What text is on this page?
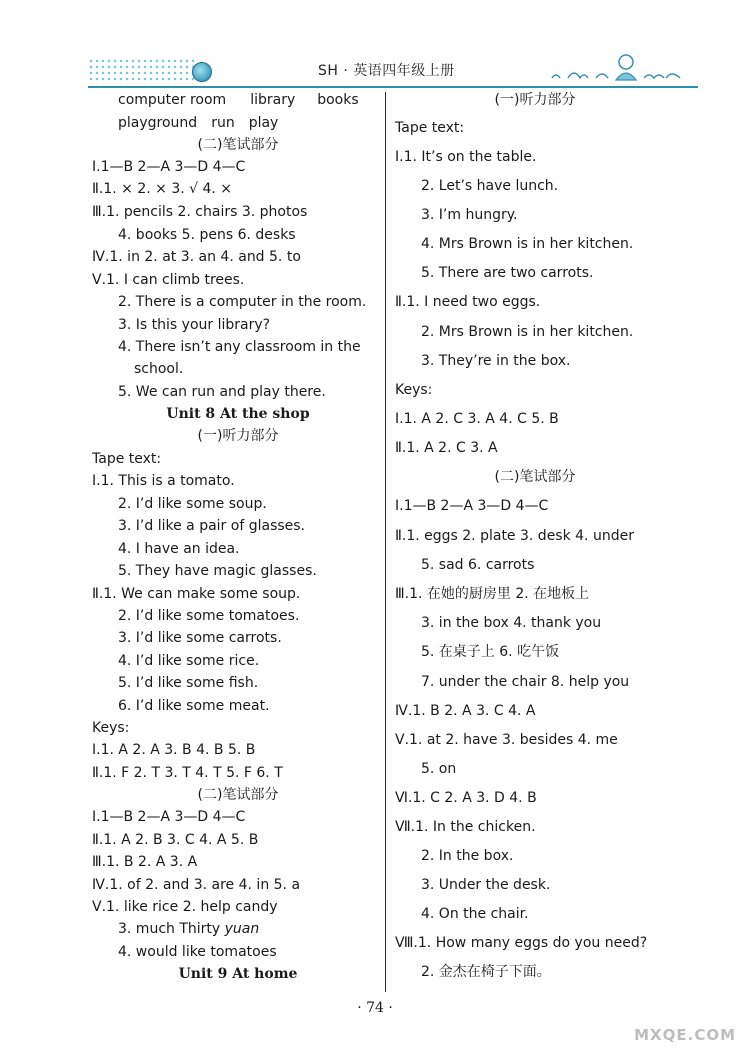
SH · 英语四年级上册
computer room library books
playground run play
(二)笔试部分
Ⅰ.1—B 2—A 3—D 4—C
Ⅱ.1. × 2. × 3. √ 4. ×
Ⅲ.1. pencils 2. chairs 3. photos
4. books 5. pens 6. desks
Ⅳ.1. in 2. at 3. an 4. and 5. to
Ⅴ.1. I can climb trees.
2. There is a computer in the room.
3. Is this your library?
4. There isn’t any classroom in the
school.
5. We can run and play there.
Unit 8 At the shop
(一)听力部分
Tape text:
Ⅰ.1. This is a tomato.
2. I’d like some soup.
3. I’d like a pair of glasses.
4. I have an idea.
5. They have magic glasses.
Ⅱ.1. We can make some soup.
2. I’d like some tomatoes.
3. I’d like some carrots.
4. I’d like some rice.
5. I’d like some fish.
6. I’d like some meat.
Keys:
Ⅰ.1. A 2. A 3. B 4. B 5. B
Ⅱ.1. F 2. T 3. T 4. T 5. F 6. T
(二)笔试部分
Ⅰ.1—B 2—A 3—D 4—C
Ⅱ.1. A 2. B 3. C 4. A 5. B
Ⅲ.1. B 2. A 3. A
Ⅳ.1. of 2. and 3. are 4. in 5. a
Ⅴ.1. like rice 2. help candy
3. much Thirty yuan
4. would like tomatoes
Unit 9 At home
(一)听力部分
Tape text:
Ⅰ.1. It’s on the table.
2. Let’s have lunch.
3. I’m hungry.
4. Mrs Brown is in her kitchen.
5. There are two carrots.
Ⅱ.1. I need two eggs.
2. Mrs Brown is in her kitchen.
3. They’re in the box.
Keys:
Ⅰ.1. A 2. C 3. A 4. C 5. B
Ⅱ.1. A 2. C 3. A
(二)笔试部分
Ⅰ.1—B 2—A 3—D 4—C
Ⅱ.1. eggs 2. plate 3. desk 4. under
5. sad 6. carrots
Ⅲ.1. 在她的厨房里 2. 在地板上
3. in the box 4. thank you
5. 在桌子上 6. 吃午饭
7. under the chair 8. help you
Ⅳ.1. B 2. A 3. C 4. A
Ⅴ.1. at 2. have 3. besides 4. me
5. on
Ⅵ.1. C 2. A 3. D 4. B
Ⅶ.1. In the chicken.
2. In the box.
3. Under the desk.
4. On the chair.
Ⅷ.1. How many eggs do you need?
2. 金杰在椅子下面。
· 74 ·
MXQE.COM
